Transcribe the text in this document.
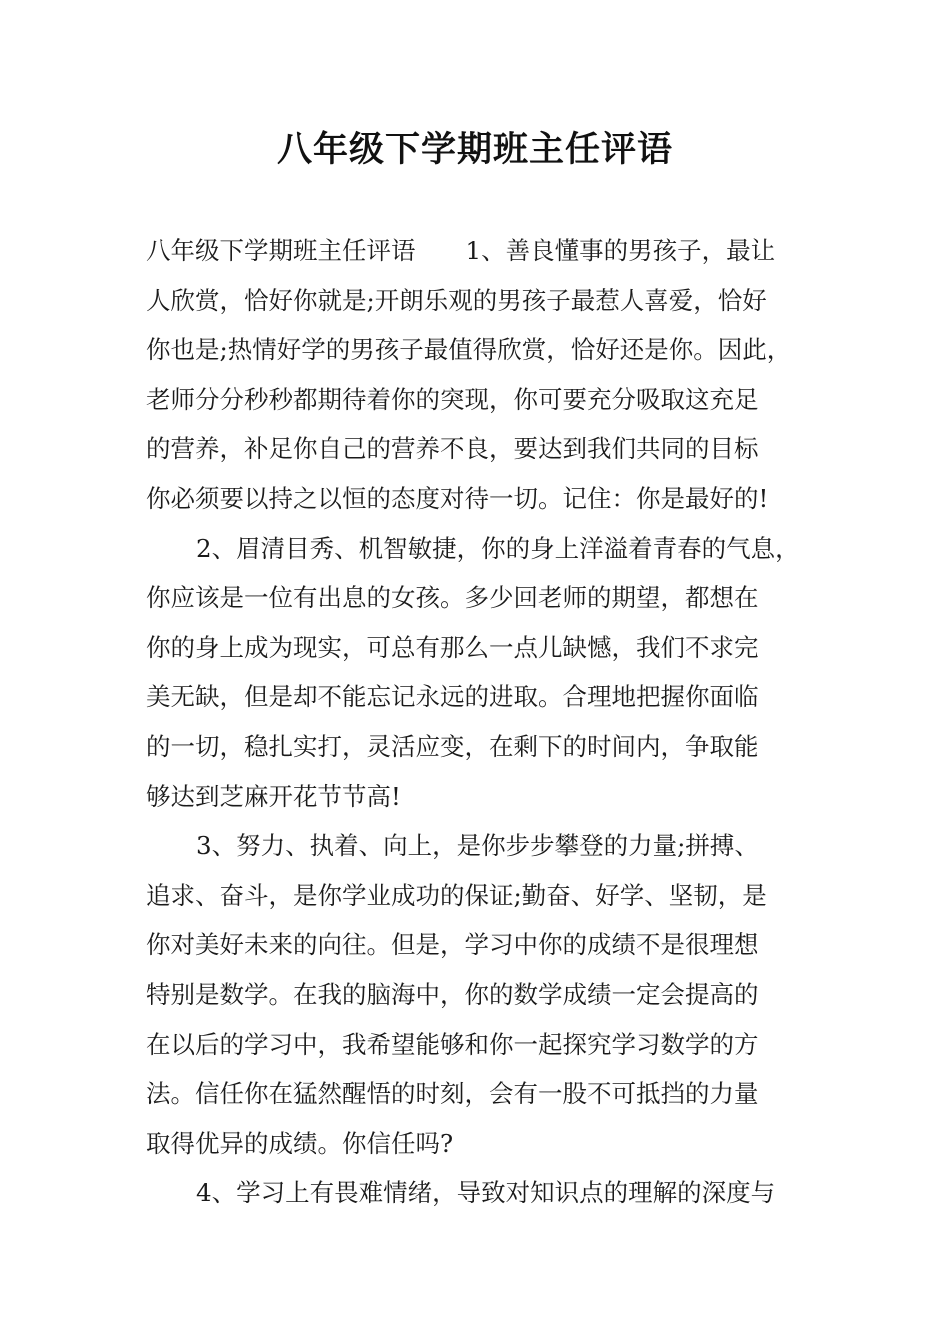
八年级下学期班主任评语
八年级下学期班主任评语 1、善良懂事的男孩子，最让
人欣赏，恰好你就是;开朗乐观的男孩子最惹人喜爱，恰好
你也是;热情好学的男孩子最值得欣赏，恰好还是你。因此，
老师分分秒秒都期待着你的突现，你可要充分吸取这充足
的营养，补足你自己的营养不良，要达到我们共同的目标
你必须要以持之以恒的态度对待一切。记住：你是最好的!
2、眉清目秀、机智敏捷，你的身上洋溢着青春的气息，
你应该是一位有出息的女孩。多少回老师的期望，都想在
你的身上成为现实，可总有那么一点儿缺憾，我们不求完
美无缺，但是却不能忘记永远的进取。合理地把握你面临
的一切，稳扎实打，灵活应变，在剩下的时间内，争取能
够达到芝麻开花节节高!
3、努力、执着、向上，是你步步攀登的力量;拼搏、
追求、奋斗，是你学业成功的保证;勤奋、好学、坚韧，是
你对美好未来的向往。但是，学习中你的成绩不是很理想
特别是数学。在我的脑海中，你的数学成绩一定会提高的
在以后的学习中，我希望能够和你一起探究学习数学的方
法。信任你在猛然醒悟的时刻，会有一股不可抵挡的力量
取得优异的成绩。你信任吗?
4、学习上有畏难情绪，导致对知识点的理解的深度与
